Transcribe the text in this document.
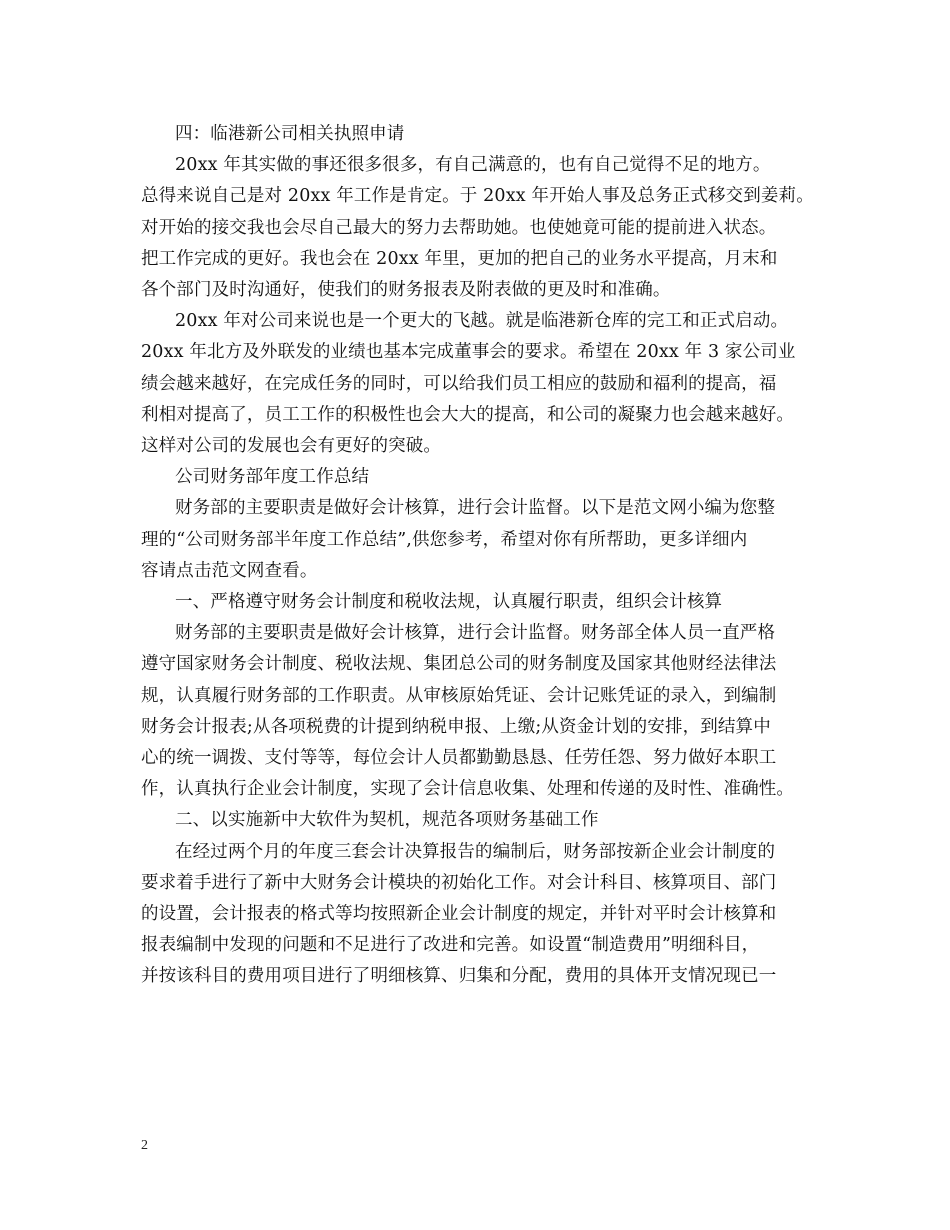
四：临港新公司相关执照申请
20xx 年其实做的事还很多很多，有自己满意的，也有自己觉得不足的地方。
总得来说自己是对 20xx 年工作是肯定。于 20xx 年开始人事及总务正式移交到姜莉。
对开始的接交我也会尽自己最大的努力去帮助她。也使她竟可能的提前进入状态。
把工作完成的更好。我也会在 20xx 年里，更加的把自己的业务水平提高，月末和
各个部门及时沟通好，使我们的财务报表及附表做的更及时和准确。
20xx 年对公司来说也是一个更大的飞越。就是临港新仓库的完工和正式启动。
20xx 年北方及外联发的业绩也基本完成董事会的要求。希望在 20xx 年 3 家公司业
绩会越来越好，在完成任务的同时，可以给我们员工相应的鼓励和福利的提高，福
利相对提高了，员工工作的积极性也会大大的提高，和公司的凝聚力也会越来越好。
这样对公司的发展也会有更好的突破。
公司财务部年度工作总结
财务部的主要职责是做好会计核算，进行会计监督。以下是范文网小编为您整
理的“公司财务部半年度工作总结”,供您参考，希望对你有所帮助，更多详细内
容请点击范文网查看。
一、严格遵守财务会计制度和税收法规，认真履行职责，组织会计核算
财务部的主要职责是做好会计核算，进行会计监督。财务部全体人员一直严格
遵守国家财务会计制度、税收法规、集团总公司的财务制度及国家其他财经法律法
规，认真履行财务部的工作职责。从审核原始凭证、会计记账凭证的录入，到编制
财务会计报表;从各项税费的计提到纳税申报、上缴;从资金计划的安排，到结算中
心的统一调拨、支付等等，每位会计人员都勤勤恳恳、任劳任怨、努力做好本职工
作，认真执行企业会计制度，实现了会计信息收集、处理和传递的及时性、准确性。
二、以实施新中大软件为契机，规范各项财务基础工作
在经过两个月的年度三套会计决算报告的编制后，财务部按新企业会计制度的
要求着手进行了新中大财务会计模块的初始化工作。对会计科目、核算项目、部门
的设置，会计报表的格式等均按照新企业会计制度的规定，并针对平时会计核算和
报表编制中发现的问题和不足进行了改进和完善。如设置“制造费用”明细科目，
并按该科目的费用项目进行了明细核算、归集和分配，费用的具体开支情况现已一
2
